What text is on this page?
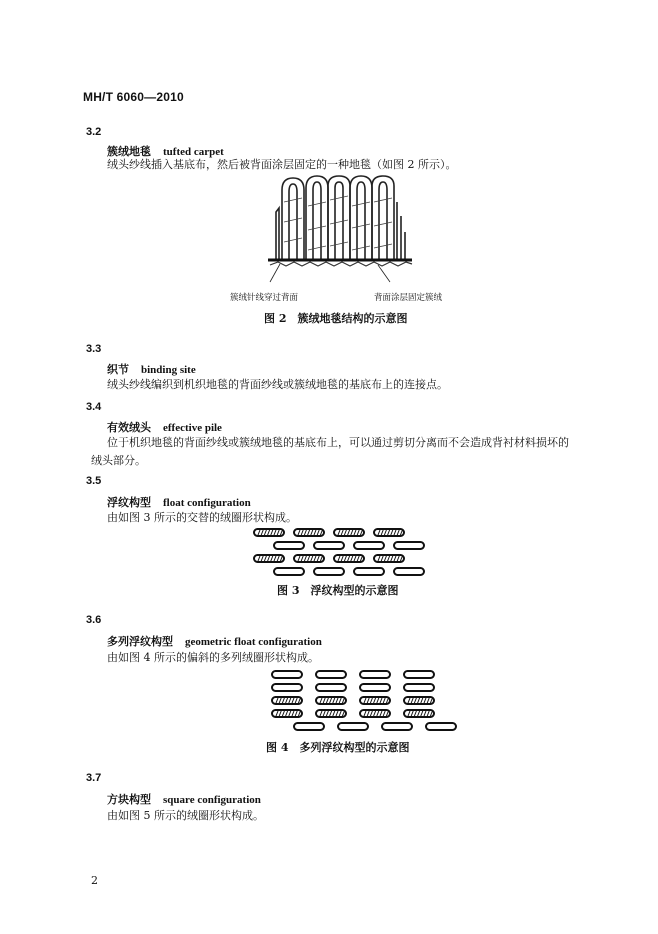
MH/T 6060—2010
3.2
簇绒地毯 tufted carpet
绒头纱线插入基底布，然后被背面涂层固定的一种地毯（如图 2 所示）。
簇绒针线穿过背面	背面涂层固定簇绒
图 2　簇绒地毯结构的示意图
3.3
织节 binding site
绒头纱线编织到机织地毯的背面纱线或簇绒地毯的基底布上的连接点。
3.4
有效绒头 effective pile
位于机织地毯的背面纱线或簇绒地毯的基底布上，可以通过剪切分离而不会造成背衬材料损坏的
绒头部分。
3.5
浮纹构型 float configuration
由如图 3 所示的交替的绒圈形状构成。
图 3　浮纹构型的示意图
3.6
多列浮纹构型 geometric float configuration
由如图 4 所示的偏斜的多列绒圈形状构成。
图 4　多列浮纹构型的示意图
3.7
方块构型 square configuration
由如图 5 所示的绒圈形状构成。
2
